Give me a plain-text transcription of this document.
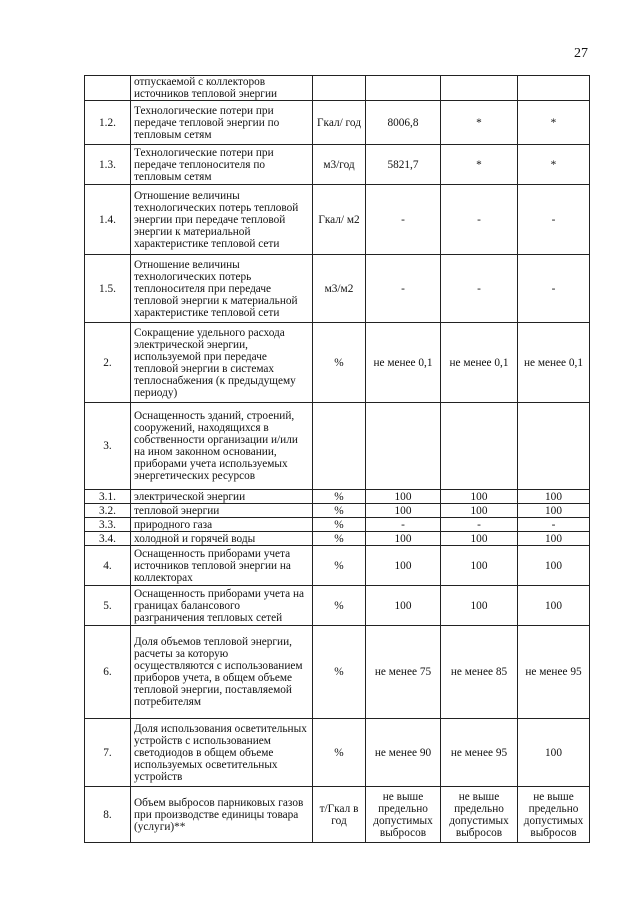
27
	отпускаемой с коллекторов источников тепловой энергии				
1.2.	Технологические потери при передаче тепловой энергии по тепловым сетям	Гкал/ год	8006,8	*	*
1.3.	Технологические потери при передаче теплоносителя по тепловым сетям	м3/год	5821,7	*	*
1.4.	Отношение величины технологических потерь тепловой энергии при передаче тепловой энергии к материальной характеристике тепловой сети	Гкал/ м2	-	-	-
1.5.	Отношение величины технологических потерь теплоносителя при передаче тепловой энергии к материальной характеристике тепловой сети	м3/м2	-	-	-
2.	Сокращение удельного расхода электрической энергии, используемой при передаче тепловой энергии в системах теплоснабжения (к предыдущему периоду)	%	не менее 0,1	не менее 0,1	не менее 0,1
3.	Оснащенность зданий, строений, сооружений, находящихся в собственности организации и/или на ином законном основании, приборами учета используемых энергетических ресурсов				
3.1.	электрической энергии	%	100	100	100
3.2.	тепловой энергии	%	100	100	100
3.3.	природного газа	%	-	-	-
3.4.	холодной и горячей воды	%	100	100	100
4.	Оснащенность приборами учета источников тепловой энергии на коллекторах	%	100	100	100
5.	Оснащенность приборами учета на границах балансового разграничения тепловых сетей	%	100	100	100
6.	Доля объемов тепловой энергии, расчеты за которую осуществляются с использованием приборов учета, в общем объеме тепловой энергии, поставляемой потребителям	%	не менее 75	не менее 85	не менее 95
7.	Доля использования осветительных устройств с использованием светодиодов в общем объеме используемых осветительных устройств	%	не менее 90	не менее 95	100
8.	Объем выбросов парниковых газов при производстве единицы товара (услуги)**	т/Гкал в год	не выше предельно допустимых выбросов	не выше предельно допустимых выбросов	не выше предельно допустимых выбросов
